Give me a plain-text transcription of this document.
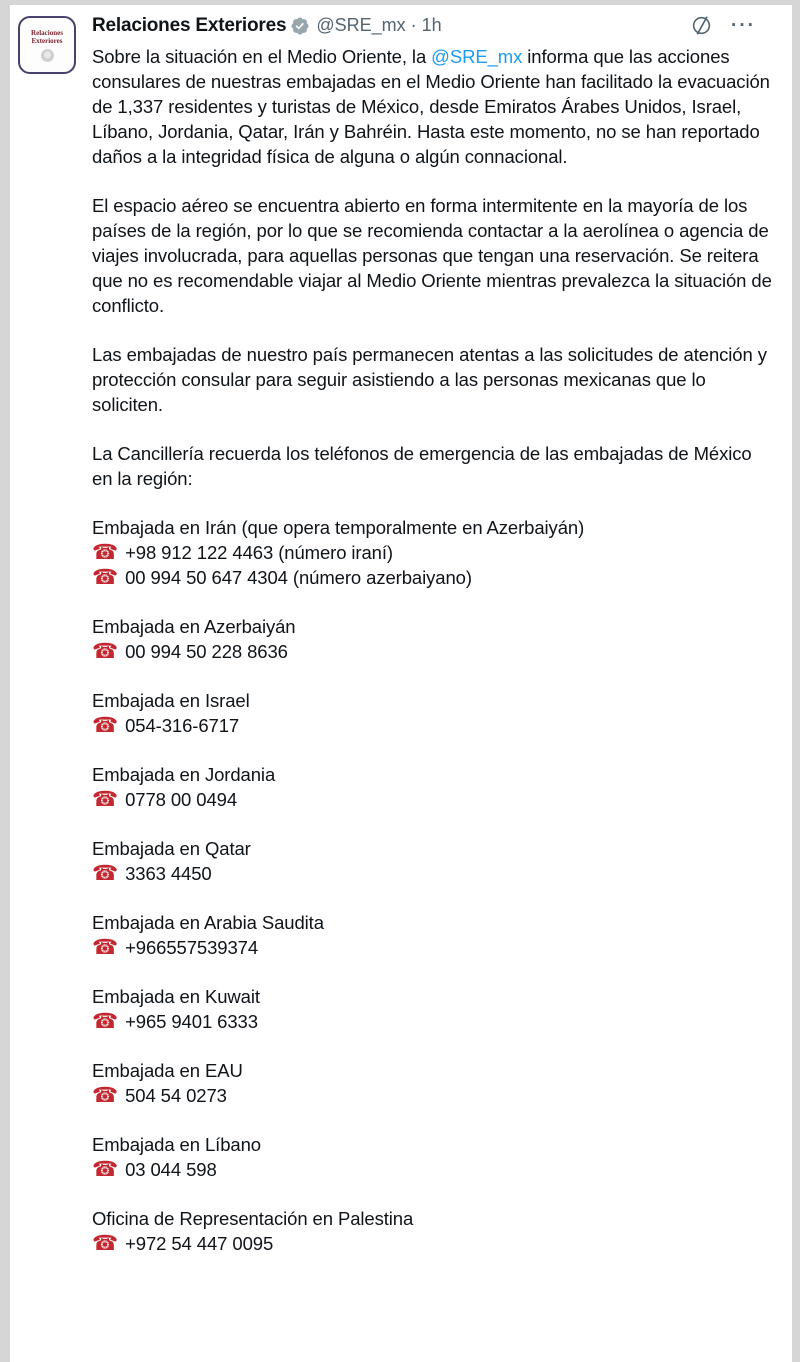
Relaciones
Exteriores
Relaciones Exteriores @SRE_mx · 1h	···

Sobre la situación en el Medio Oriente, la @SRE_mx informa que las acciones consulares de nuestras embajadas en el Medio Oriente han facilitado la evacuación de 1,337 residentes y turistas de México, desde Emiratos Árabes Unidos, Israel, Líbano, Jordania, Qatar, Irán y Bahréin. Hasta este momento, no se han reportado daños a la integridad física de alguna o algún connacional.

El espacio aéreo se encuentra abierto en forma intermitente en la mayoría de los países de la región, por lo que se recomienda contactar a la aerolínea o agencia de viajes involucrada, para aquellas personas que tengan una reservación. Se reitera que no es recomendable viajar al Medio Oriente mientras prevalezca la situación de conflicto.

Las embajadas de nuestro país permanecen atentas a las solicitudes de atención y protección consular para seguir asistiendo a las personas mexicanas que lo soliciten.

La Cancillería recuerda los teléfonos de emergencia de las embajadas de México en la región:

Embajada en Irán (que opera temporalmente en Azerbaiyán)
☎ +98 912 122 4463 (número iraní)
☎ 00 994 50 647 4304 (número azerbaiyano)
Embajada en Azerbaiyán
☎ 00 994 50 228 8636
Embajada en Israel
☎ 054-316-6717
Embajada en Jordania
☎ 0778 00 0494
Embajada en Qatar
☎ 3363 4450
Embajada en Arabia Saudita
☎ +966557539374
Embajada en Kuwait
☎ +965 9401 6333
Embajada en EAU
☎ 504 54 0273
Embajada en Líbano
☎ 03 044 598
Oficina de Representación en Palestina
☎ +972 54 447 0095
